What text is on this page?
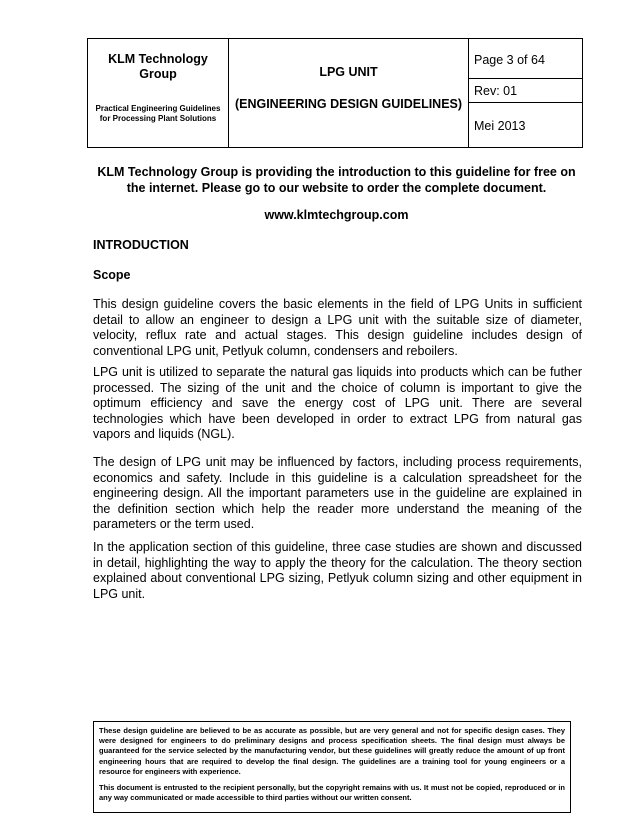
KLM Technology Group
Practical Engineering Guidelines for Processing Plant Solutions
LPG UNIT
(ENGINEERING DESIGN GUIDELINES)
Page 3 of 64
Rev: 01
Mei 2013
KLM Technology Group is providing the introduction to this guideline for free on the internet. Please go to our website to order the complete document.
www.klmtechgroup.com
INTRODUCTION
Scope

This design guideline covers the basic elements in the field of LPG Units in sufficient detail to allow an engineer to design a LPG unit with the suitable size of diameter, velocity, reflux rate and actual stages. This design guideline includes design of conventional LPG unit, Petlyuk column, condensers and reboilers.

LPG unit is utilized to separate the natural gas liquids into products which can be futher processed. The sizing of the unit and the choice of column is important to give the optimum efficiency and save the energy cost of LPG unit. There are several technologies which have been developed in order to extract LPG from natural gas vapors and liquids (NGL).

The design of LPG unit may be influenced by factors, including process requirements, economics and safety. Include in this guideline is a calculation spreadsheet for the engineering design. All the important parameters use in the guideline are explained in the definition section which help the reader more understand the meaning of the parameters or the term used.

In the application section of this guideline, three case studies are shown and discussed in detail, highlighting the way to apply the theory for the calculation. The theory section explained about conventional LPG sizing, Petlyuk column sizing and other equipment in LPG unit.

These design guideline are believed to be as accurate as possible, but are very general and not for specific design cases. They were designed for engineers to do preliminary designs and process specification sheets. The final design must always be guaranteed for the service selected by the manufacturing vendor, but these guidelines will greatly reduce the amount of up front engineering hours that are required to develop the final design. The guidelines are a training tool for young engineers or a resource for engineers with experience.

This document is entrusted to the recipient personally, but the copyright remains with us. It must not be copied, reproduced or in any way communicated or made accessible to third parties without our written consent.
